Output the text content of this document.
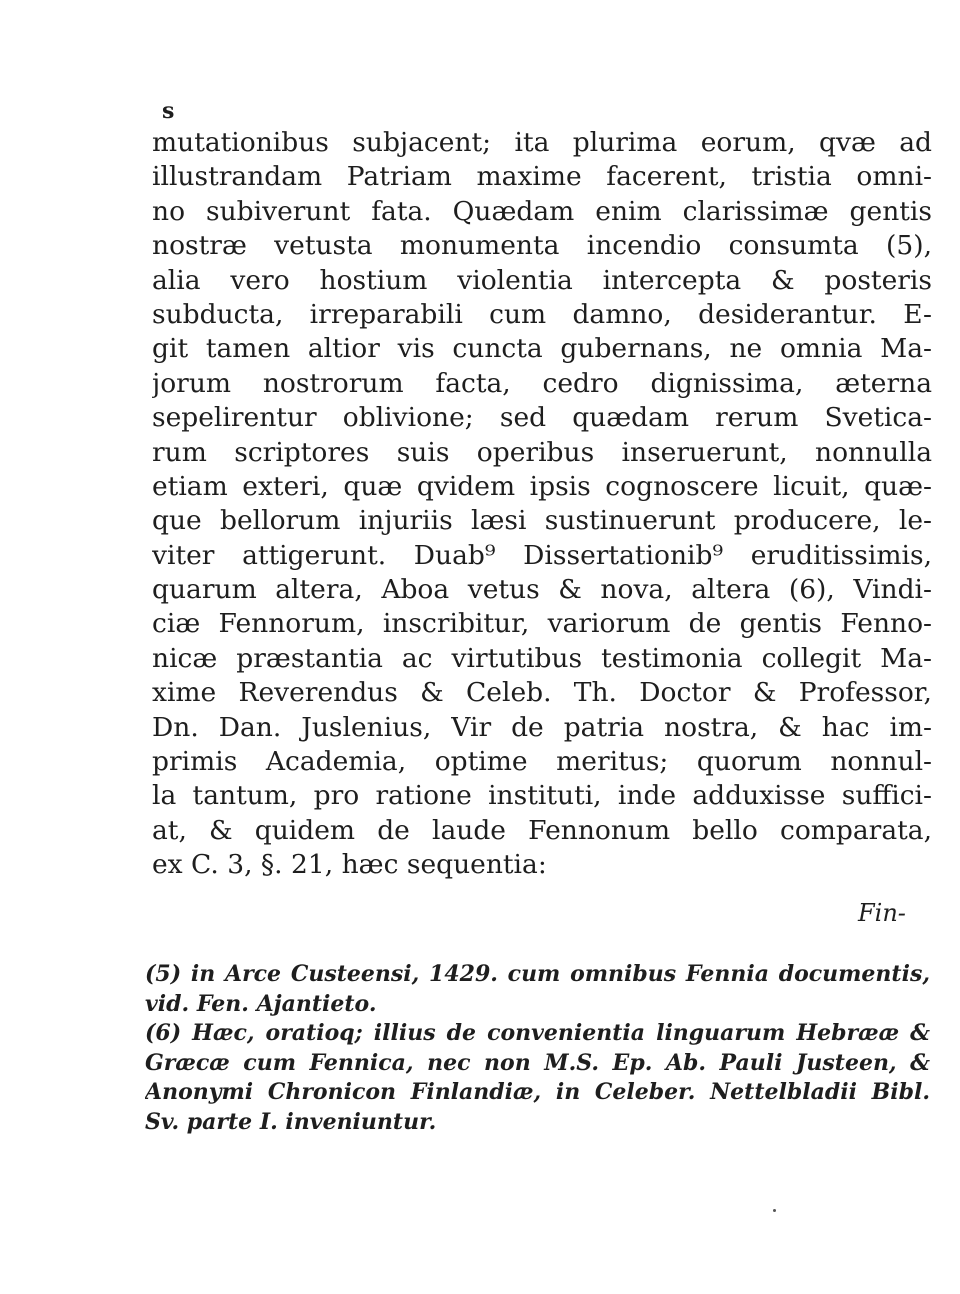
s
mutationibus subjacent; ita plurima eorum, qvæ ad
illustrandam Patriam maxime facerent, tristia omni-
no subiverunt fata. Quædam enim clarissimæ gentis
nostræ vetusta monumenta incendio consumta (5),
alia vero hostium violentia intercepta & posteris
subducta, irreparabili cum damno, desiderantur. E-
git tamen altior vis cuncta gubernans, ne omnia Ma-
jorum nostrorum facta, cedro dignissima, æterna
sepelirentur oblivione; sed quædam rerum Svetica-
rum scriptores suis operibus inseruerunt, nonnulla
etiam exteri, quæ qvidem ipsis cognoscere licuit, quæ-
que bellorum injuriis læsi sustinuerunt producere, le-
viter attigerunt. Duab⁹ Dissertationib⁹ eruditissimis,
quarum altera, Aboa vetus & nova, altera (6), Vindi-
ciæ Fennorum, inscribitur, variorum de gentis Fenno-
nicæ præstantia ac virtutibus testimonia collegit Ma-
xime Reverendus & Celeb. Th. Doctor & Professor,
Dn. Dan. Juslenius, Vir de patria nostra, & hac im-
primis Academia, optime meritus; quorum nonnul-
la tantum, pro ratione instituti, inde adduxisse suffici-
at, & quidem de laude Fennonum bello comparata,
ex C. 3, §. 21, hæc sequentia:
Fin-
(5) in Arce Custeensi, 1429. cum omnibus Fennia documentis,
vid. Fen. Ajantieto.
(6) Hæc, oratioq; illius de convenientia linguarum Hebrææ &
Græcæ cum Fennica, nec non M.S. Ep. Ab. Pauli Justeen, &
Anonymi Chronicon Finlandiæ, in Celeber. Nettelbladii Bibl.
Sv. parte I. inveniuntur.
